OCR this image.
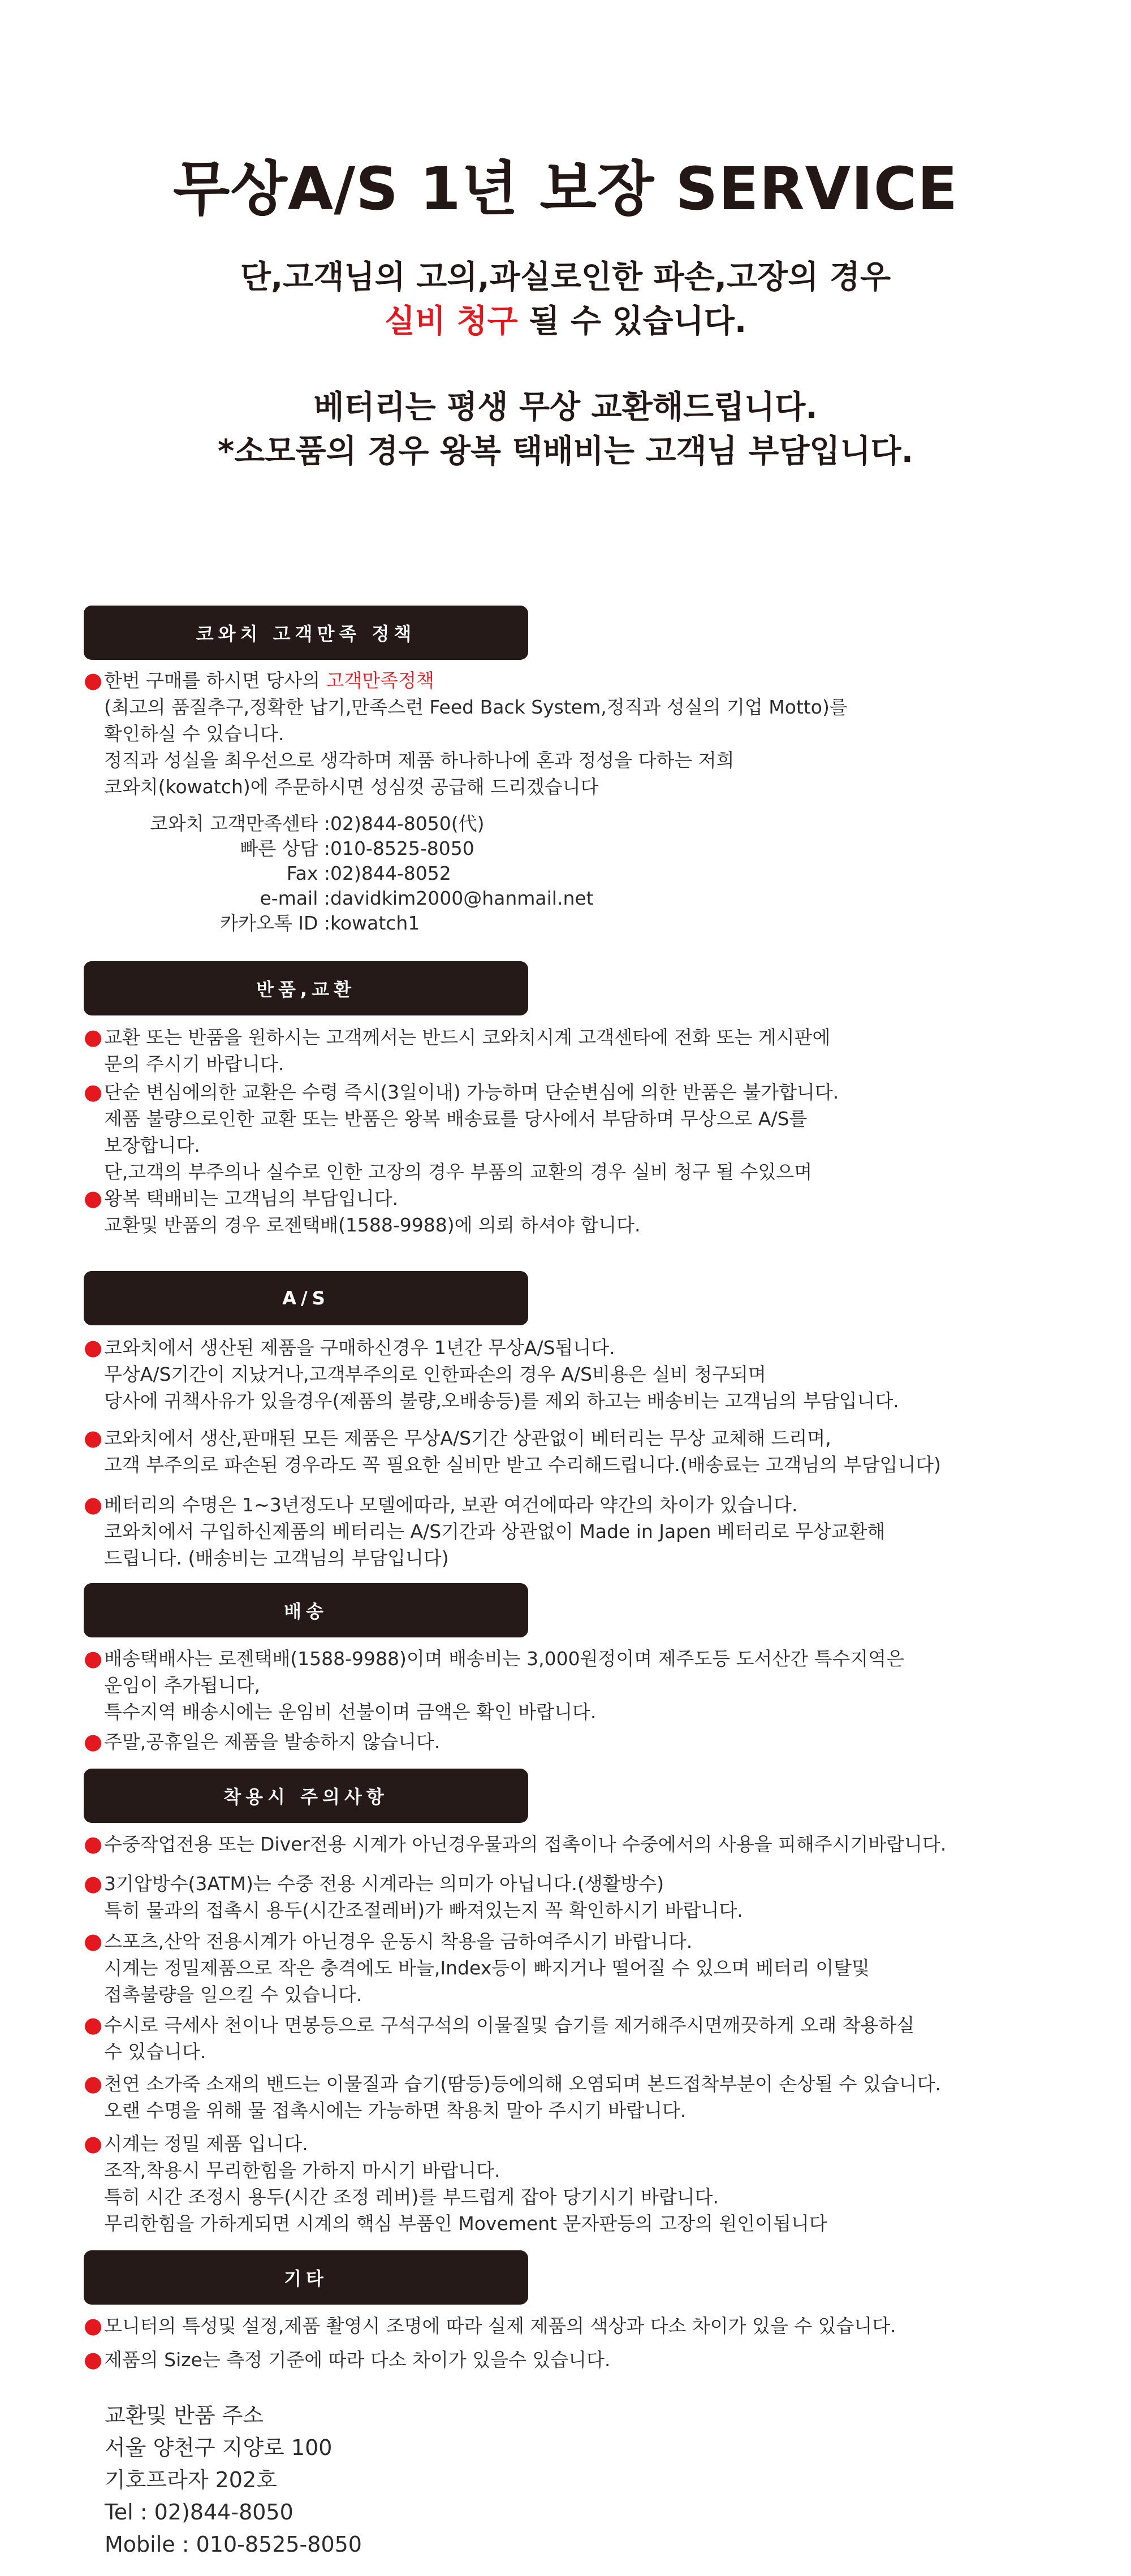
무상A/S 1년 보장 SERVICE

단,고객님의 고의,과실로인한 파손,고장의 경우

실비 청구 될 수 있습니다.

베터리는 평생 무상 교환해드립니다.

*소모품의 경우 왕복 택배비는 고객님 부담입니다.

코와치 고객만족 정책
● 한번 구매를 하시면 당사의 고객만족정책
(최고의 품질추구,정확한 납기,만족스런 Feed Back System,정직과 성실의 기업 Motto)를
확인하실 수 있습니다.
정직과 성실을 최우선으로 생각하며 제품 하나하나에 혼과 정성을 다하는 저희
코와치(kowatch)에 주문하시면 성심껏 공급해 드리겠습니다
코와치 고객만족센타 : 02)844-8050(代)
빠른 상담 : 010-8525-8050
Fax : 02)844-8052
e-mail : davidkim2000@hanmail.net
카카오톡 ID : kowatch1
반품,교환
● 교환 또는 반품을 원하시는 고객께서는 반드시 코와치시계 고객센타에 전화 또는 게시판에
문의 주시기 바랍니다.
● 단순 변심에의한 교환은 수령 즉시(3일이내) 가능하며 단순변심에 의한 반품은 불가합니다.
제품 불량으로인한 교환 또는 반품은 왕복 배송료를 당사에서 부담하며 무상으로 A/S를
보장합니다.
단,고객의 부주의나 실수로 인한 고장의 경우 부품의 교환의 경우 실비 청구 될 수있으며
● 왕복 택배비는 고객님의 부담입니다.
교환및 반품의 경우 로젠택배(1588-9988)에 의뢰 하셔야 합니다.
A/S
● 코와치에서 생산된 제품을 구매하신경우 1년간 무상A/S됩니다.
무상A/S기간이 지났거나,고객부주의로 인한파손의 경우 A/S비용은 실비 청구되며
당사에 귀책사유가 있을경우(제품의 불량,오배송등)를 제외 하고는 배송비는 고객님의 부담입니다.
● 코와치에서 생산,판매된 모든 제품은 무상A/S기간 상관없이 베터리는 무상 교체해 드리며,
고객 부주의로 파손된 경우라도 꼭 필요한 실비만 받고 수리해드립니다.(배송료는 고객님의 부담입니다)
● 베터리의 수명은 1~3년정도나 모델에따라, 보관 여건에따라 약간의 차이가 있습니다.
코와치에서 구입하신제품의 베터리는 A/S기간과 상관없이 Made in Japen 베터리로 무상교환해
드립니다. (배송비는 고객님의 부담입니다)
배송
● 배송택배사는 로젠택배(1588-9988)이며 배송비는 3,000원정이며 제주도등 도서산간 특수지역은
운임이 추가됩니다,
특수지역 배송시에는 운임비 선불이며 금액은 확인 바랍니다.
● 주말,공휴일은 제품을 발송하지 않습니다.
착용시 주의사항
● 수중작업전용 또는 Diver전용 시계가 아닌경우물과의 접촉이나 수중에서의 사용을 피해주시기바랍니다.
● 3기압방수(3ATM)는 수중 전용 시계라는 의미가 아닙니다.(생활방수)
특히 물과의 접촉시 용두(시간조절레버)가 빠져있는지 꼭 확인하시기 바랍니다.
● 스포츠,산악 전용시계가 아닌경우 운동시 착용을 금하여주시기 바랍니다.
시계는 정밀제품으로 작은 충격에도 바늘,Index등이 빠지거나 떨어질 수 있으며 베터리 이탈및
접촉불량을 일으킬 수 있습니다.
● 수시로 극세사 천이나 면봉등으로 구석구석의 이물질및 습기를 제거해주시면깨끗하게 오래 착용하실
수 있습니다.
● 천연 소가죽 소재의 밴드는 이물질과 습기(땀등)등에의해 오염되며 본드접착부분이 손상될 수 있습니다.
오랜 수명을 위해 물 접촉시에는 가능하면 착용치 말아 주시기 바랍니다.
● 시계는 정밀 제품 입니다.
조작,착용시 무리한힘을 가하지 마시기 바랍니다.
특히 시간 조정시 용두(시간 조정 레버)를 부드럽게 잡아 당기시기 바랍니다.
무리한힘을 가하게되면 시계의 핵심 부품인 Movement 문자판등의 고장의 원인이됩니다
기타
● 모니터의 특성및 설정,제품 촬영시 조명에 따라 실제 제품의 색상과 다소 차이가 있을 수 있습니다.
● 제품의 Size는 측정 기준에 따라 다소 차이가 있을수 있습니다.
교환및 반품 주소
서울 양천구 지양로 100
기호프라자 202호
Tel : 02)844-8050
Mobile : 010-8525-8050
